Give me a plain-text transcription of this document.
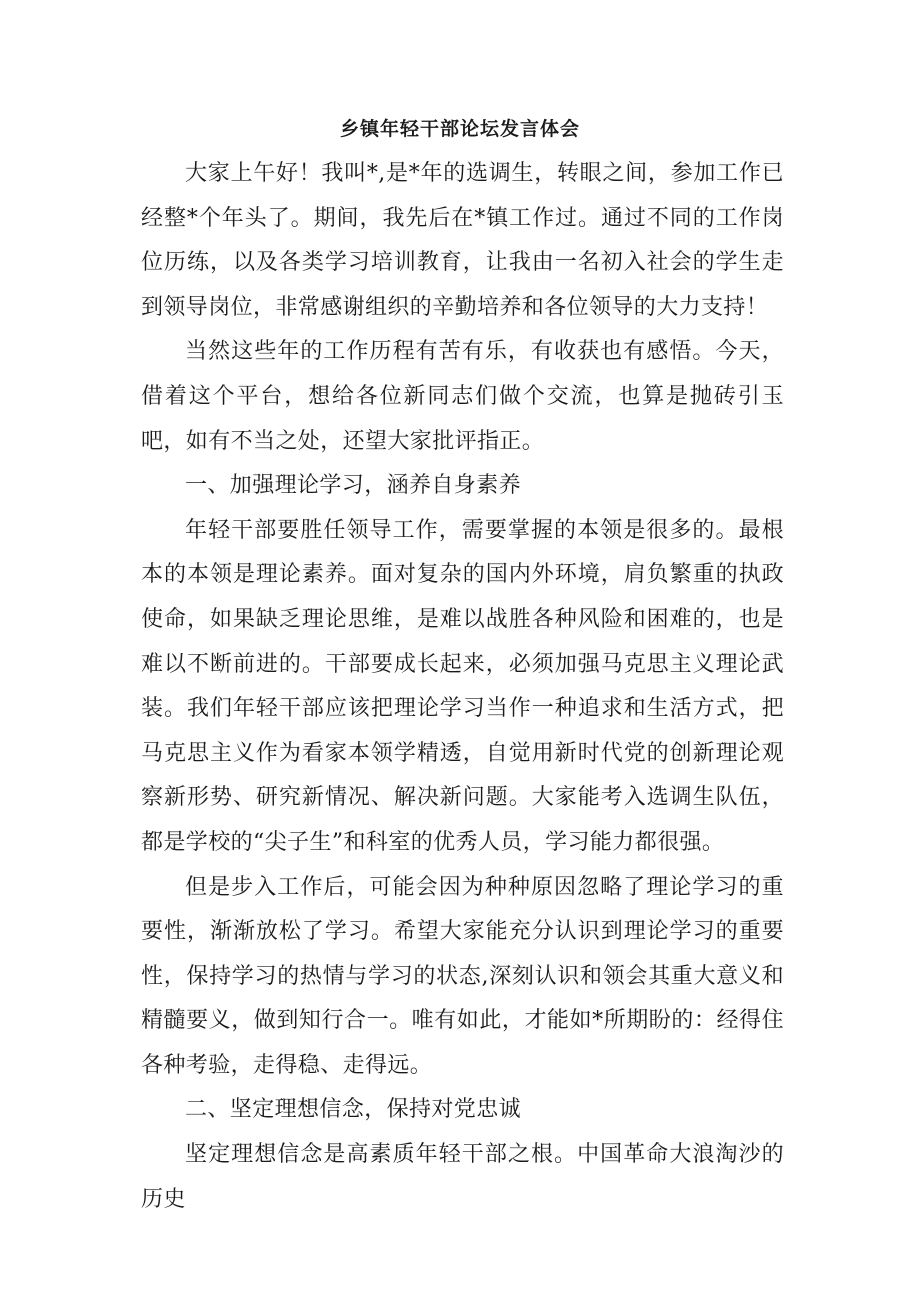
乡镇年轻干部论坛发言体会

大家上午好！我叫*,是*年的选调生，转眼之间，参加工作已经整*个年头了。期间，我先后在*镇工作过。通过不同的工作岗位历练，以及各类学习培训教育，让我由一名初入社会的学生走到领导岗位，非常感谢组织的辛勤培养和各位领导的大力支持！

当然这些年的工作历程有苦有乐，有收获也有感悟。今天，借着这个平台，想给各位新同志们做个交流，也算是抛砖引玉吧，如有不当之处，还望大家批评指正。

一、加强理论学习，涵养自身素养

年轻干部要胜任领导工作，需要掌握的本领是很多的。最根本的本领是理论素养。面对复杂的国内外环境，肩负繁重的执政使命，如果缺乏理论思维，是难以战胜各种风险和困难的，也是难以不断前进的。干部要成长起来，必须加强马克思主义理论武装。我们年轻干部应该把理论学习当作一种追求和生活方式，把马克思主义作为看家本领学精透，自觉用新时代党的创新理论观察新形势、研究新情况、解决新问题。大家能考入选调生队伍，都是学校的“尖子生”和科室的优秀人员，学习能力都很强。

但是步入工作后，可能会因为种种原因忽略了理论学习的重要性，渐渐放松了学习。希望大家能充分认识到理论学习的重要性，保持学习的热情与学习的状态,深刻认识和领会其重大意义和精髓要义，做到知行合一。唯有如此，才能如*所期盼的：经得住各种考验，走得稳、走得远。

二、坚定理想信念，保持对党忠诚

坚定理想信念是高素质年轻干部之根。中国革命大浪淘沙的历史
